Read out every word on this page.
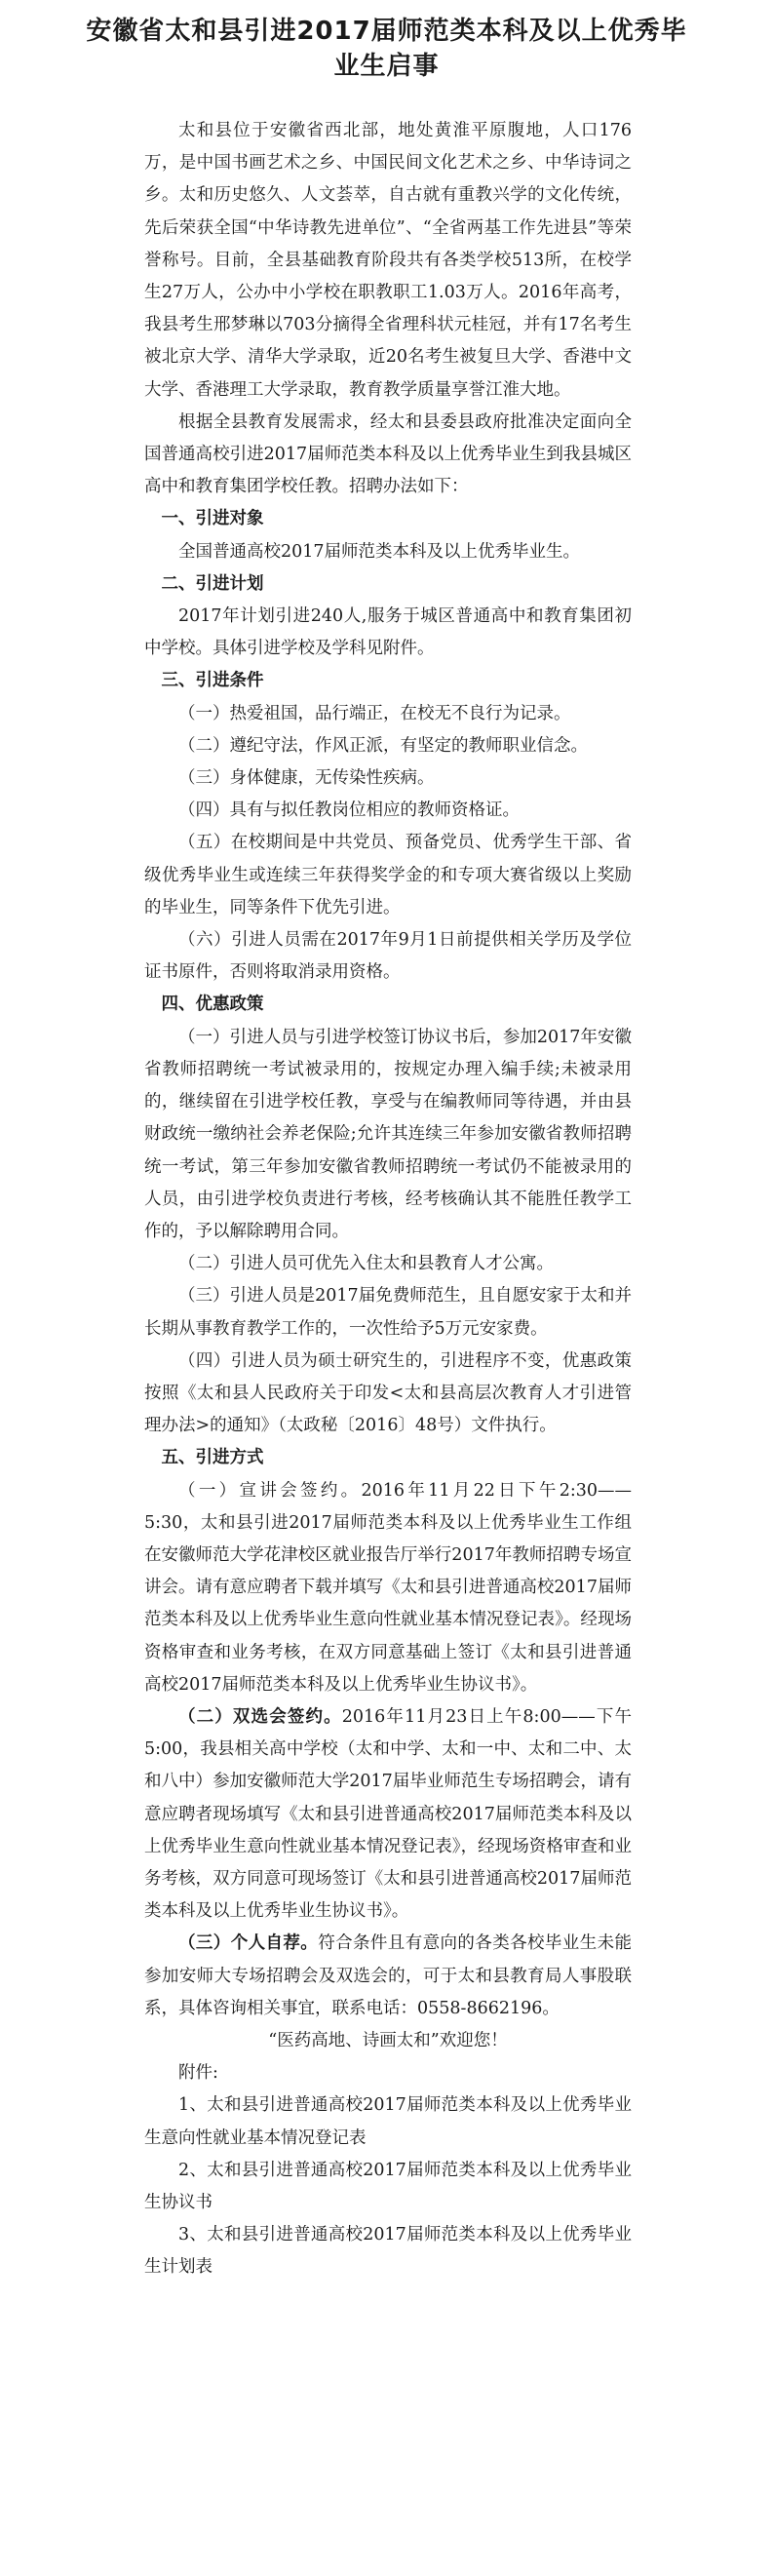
安徽省太和县引进2017届师范类本科及以上优秀毕业生启事

太和县位于安徽省西北部，地处黄淮平原腹地，人口176万，是中国书画艺术之乡、中国民间文化艺术之乡、中华诗词之乡。太和历史悠久、人文荟萃，自古就有重教兴学的文化传统，先后荣获全国“中华诗教先进单位”、“全省两基工作先进县”等荣誉称号。目前，全县基础教育阶段共有各类学校513所，在校学生27万人，公办中小学校在职教职工1.03万人。2016年高考，我县考生邢梦琳以703分摘得全省理科状元桂冠，并有17名考生被北京大学、清华大学录取，近20名考生被复旦大学、香港中文大学、香港理工大学录取，教育教学质量享誉江淮大地。

根据全县教育发展需求，经太和县委县政府批准决定面向全国普通高校引进2017届师范类本科及以上优秀毕业生到我县城区高中和教育集团学校任教。招聘办法如下：

一、引进对象

全国普通高校2017届师范类本科及以上优秀毕业生。

二、引进计划

2017年计划引进240人,服务于城区普通高中和教育集团初中学校。具体引进学校及学科见附件。

三、引进条件

（一）热爱祖国，品行端正，在校无不良行为记录。

（二）遵纪守法，作风正派，有坚定的教师职业信念。

（三）身体健康，无传染性疾病。

（四）具有与拟任教岗位相应的教师资格证。

（五）在校期间是中共党员、预备党员、优秀学生干部、省级优秀毕业生或连续三年获得奖学金的和专项大赛省级以上奖励的毕业生，同等条件下优先引进。

（六）引进人员需在2017年9月1日前提供相关学历及学位证书原件，否则将取消录用资格。

四、优惠政策

（一）引进人员与引进学校签订协议书后，参加2017年安徽省教师招聘统一考试被录用的，按规定办理入编手续;未被录用的，继续留在引进学校任教，享受与在编教师同等待遇，并由县财政统一缴纳社会养老保险;允许其连续三年参加安徽省教师招聘统一考试，第三年参加安徽省教师招聘统一考试仍不能被录用的人员，由引进学校负责进行考核，经考核确认其不能胜任教学工作的，予以解除聘用合同。

（二）引进人员可优先入住太和县教育人才公寓。

（三）引进人员是2017届免费师范生，且自愿安家于太和并长期从事教育教学工作的，一次性给予5万元安家费。

（四）引进人员为硕士研究生的，引进程序不变，优惠政策按照《太和县人民政府关于印发<太和县高层次教育人才引进管理办法>的通知》（太政秘〔2016〕48号）文件执行。

五、引进方式

（一）宣讲会签约。2016年11月22日下午2:30——5:30，太和县引进2017届师范类本科及以上优秀毕业生工作组在安徽师范大学花津校区就业报告厅举行2017年教师招聘专场宣讲会。请有意应聘者下载并填写《太和县引进普通高校2017届师范类本科及以上优秀毕业生意向性就业基本情况登记表》。经现场资格审查和业务考核，在双方同意基础上签订《太和县引进普通高校2017届师范类本科及以上优秀毕业生协议书》。

（二）双选会签约。2016年11月23日上午8:00——下午5:00，我县相关高中学校（太和中学、太和一中、太和二中、太和八中）参加安徽师范大学2017届毕业师范生专场招聘会，请有意应聘者现场填写《太和县引进普通高校2017届师范类本科及以上优秀毕业生意向性就业基本情况登记表》，经现场资格审查和业务考核，双方同意可现场签订《太和县引进普通高校2017届师范类本科及以上优秀毕业生协议书》。

（三）个人自荐。符合条件且有意向的各类各校毕业生未能参加安师大专场招聘会及双选会的，可于太和县教育局人事股联系，具体咨询相关事宜，联系电话：0558-8662196。

“医药高地、诗画太和”欢迎您！

附件:

1、太和县引进普通高校2017届师范类本科及以上优秀毕业生意向性就业基本情况登记表

2、太和县引进普通高校2017届师范类本科及以上优秀毕业生协议书

3、太和县引进普通高校2017届师范类本科及以上优秀毕业生计划表
